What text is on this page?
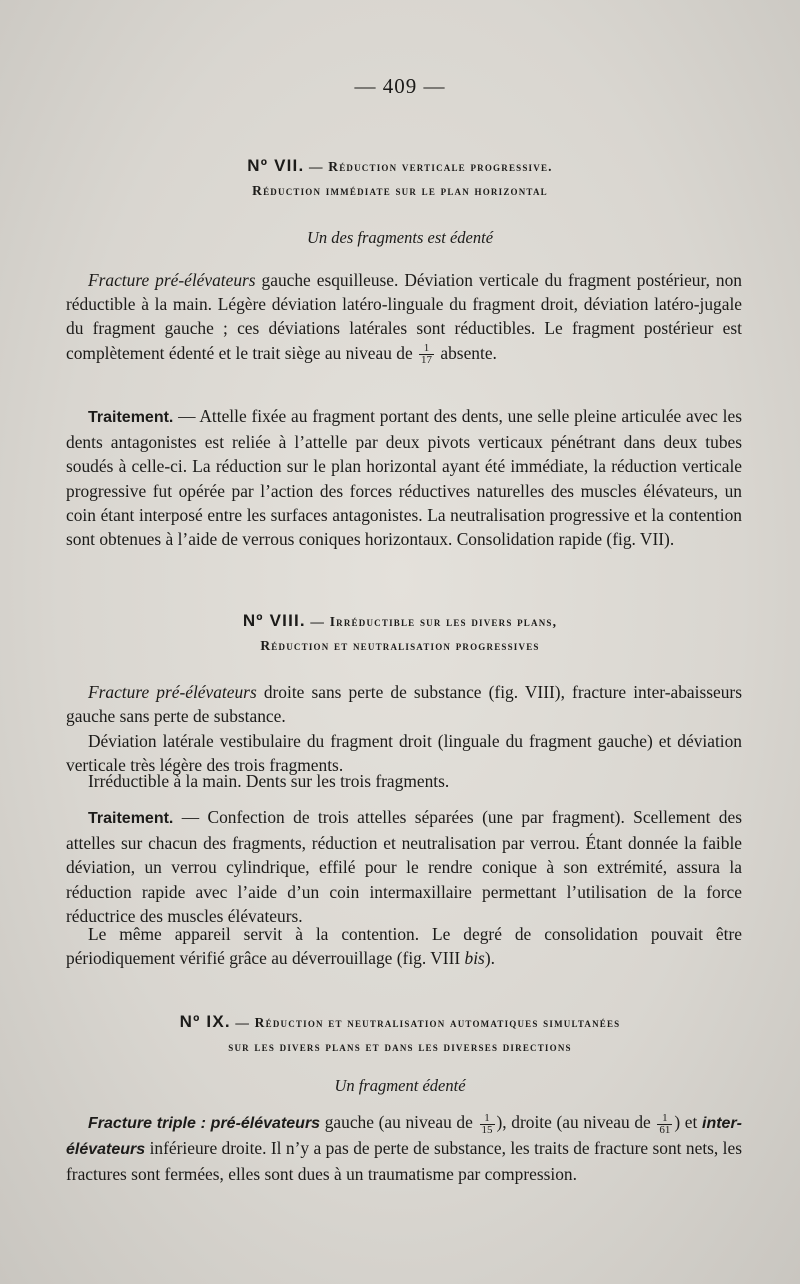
— 409 —
Nº VII. — Réduction verticale progressive.
Réduction immédiate sur le plan horizontal
Un des fragments est édenté
Fracture pré-élévateurs gauche esquilleuse. Déviation verticale du fragment postérieur, non réductible à la main. Légère déviation latéro-linguale du fragment droit, déviation latéro-jugale du fragment gauche ; ces déviations latérales sont réductibles. Le fragment postérieur est complètement édenté et le trait siège au niveau de $\frac{1}{17}$ absente.
Traitement. — Attelle fixée au fragment portant des dents, une selle pleine articulée avec les dents antagonistes est reliée à l’attelle par deux pivots verticaux pénétrant dans deux tubes soudés à celle-ci. La réduction sur le plan horizontal ayant été immédiate, la réduction verticale progressive fut opérée par l’action des forces réductives naturelles des muscles élévateurs, un coin étant interposé entre les surfaces antagonistes. La neutralisation progressive et la contention sont obtenues à l’aide de verrous coniques horizontaux. Consolidation rapide (fig. VII).
Nº VIII. — Irréductible sur les divers plans,
Réduction et neutralisation progressives
Fracture pré-élévateurs droite sans perte de substance (fig. VIII), fracture inter-abaisseurs gauche sans perte de substance.
Déviation latérale vestibulaire du fragment droit (linguale du fragment gauche) et déviation verticale très légère des trois fragments.
Irréductible à la main. Dents sur les trois fragments.
Traitement. — Confection de trois attelles séparées (une par fragment). Scellement des attelles sur chacun des fragments, réduction et neutralisation par verrou. Étant donnée la faible déviation, un verrou cylindrique, effilé pour le rendre conique à son extrémité, assura la réduction rapide avec l’aide d’un coin intermaxillaire permettant l’utilisation de la force réductrice des muscles élévateurs.
Le même appareil servit à la contention. Le degré de consolidation pouvait être périodiquement vérifié grâce au déverrouillage (fig. VIII bis).
Nº IX. — Réduction et neutralisation automatiques simultanées
sur les divers plans et dans les diverses directions
Un fragment édenté
Fracture triple : pré-élévateurs gauche (au niveau de $\frac{1}{15}$ ), droite (au niveau de $\frac{1}{61}$ ) et inter-élévateurs inférieure droite. Il n’y a pas de perte de substance, les traits de fracture sont nets, les fractures sont fermées, elles sont dues à un traumatisme par compression.
